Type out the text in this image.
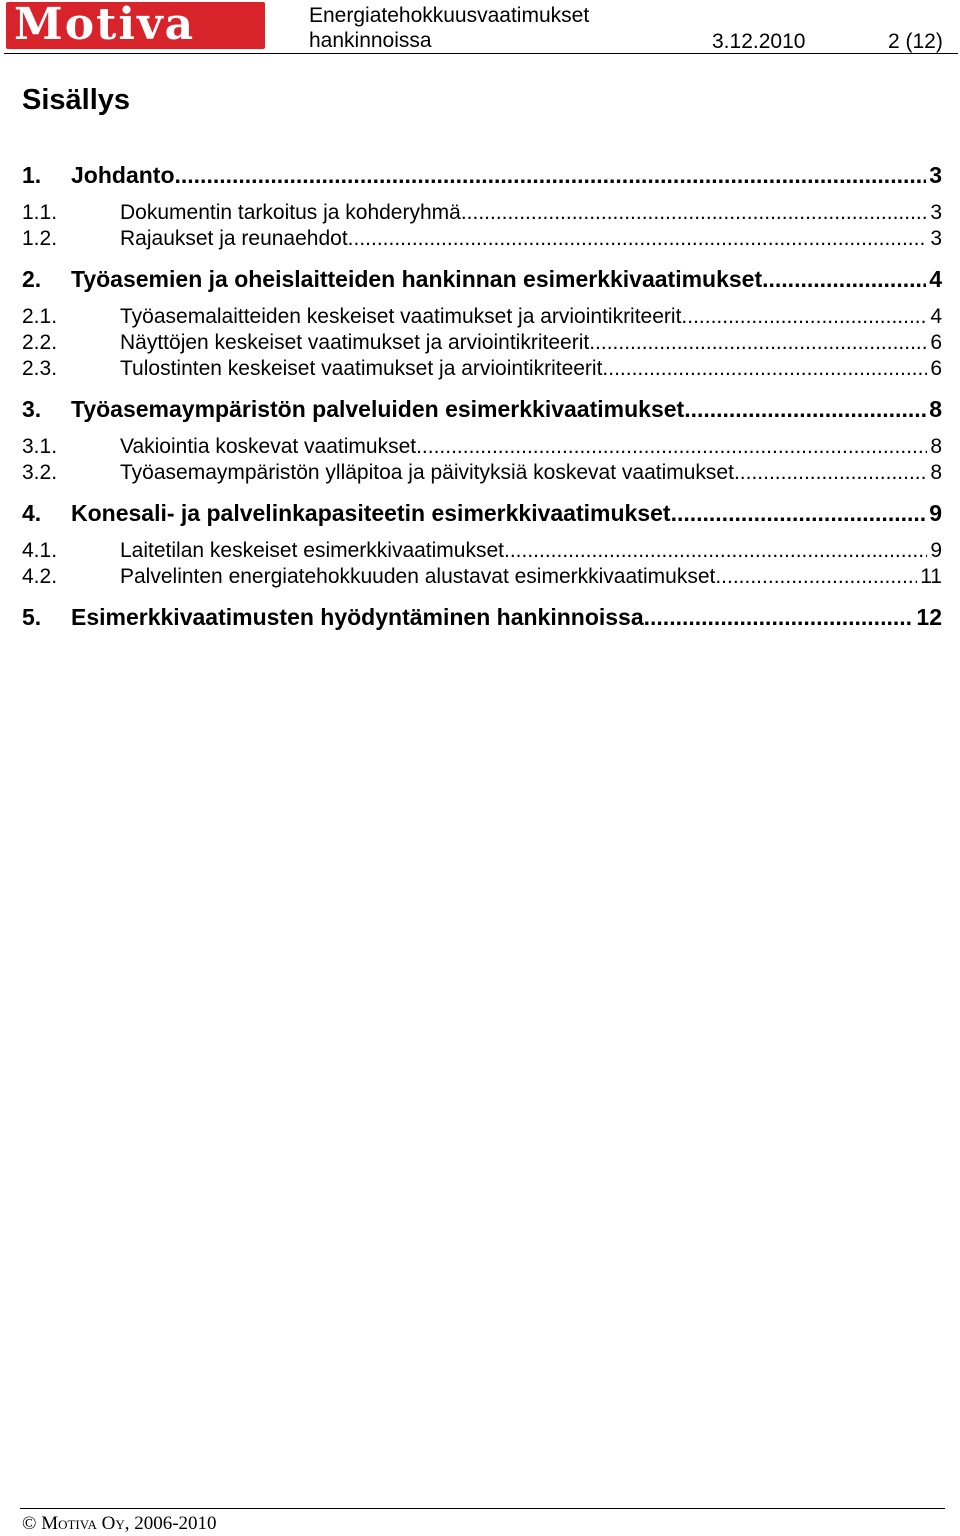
Motiva	Energiatehokkuusvaatimukset
hankinnoissa	3.12.2010	2 (12)
Sisällys
1.	Johdanto .....	3
1.1.	Dokumentin tarkoitus ja kohderyhmä .....	3
1.2.	Rajaukset ja reunaehdot .....	3
2.	Työasemien ja oheislaitteiden hankinnan esimerkkivaatimukset .....	4
2.1.	Työasemalaitteiden keskeiset vaatimukset ja arviointikriteerit .....	4
2.2.	Näyttöjen keskeiset vaatimukset ja arviointikriteerit .....	6
2.3.	Tulostinten keskeiset vaatimukset ja arviointikriteerit .....	6
3.	Työasemaympäristön palveluiden esimerkkivaatimukset .....	8
3.1.	Vakiointia koskevat vaatimukset .....	8
3.2.	Työasemaympäristön ylläpitoa ja päivityksiä koskevat vaatimukset .....	8
4.	Konesali- ja palvelinkapasiteetin esimerkkivaatimukset .....	9
4.1.	Laitetilan keskeiset esimerkkivaatimukset .....	9
4.2.	Palvelinten energiatehokkuuden alustavat esimerkkivaatimukset .....	11
5.	Esimerkkivaatimusten hyödyntäminen hankinnoissa .....	12
© Motiva Oy, 2006-2010
